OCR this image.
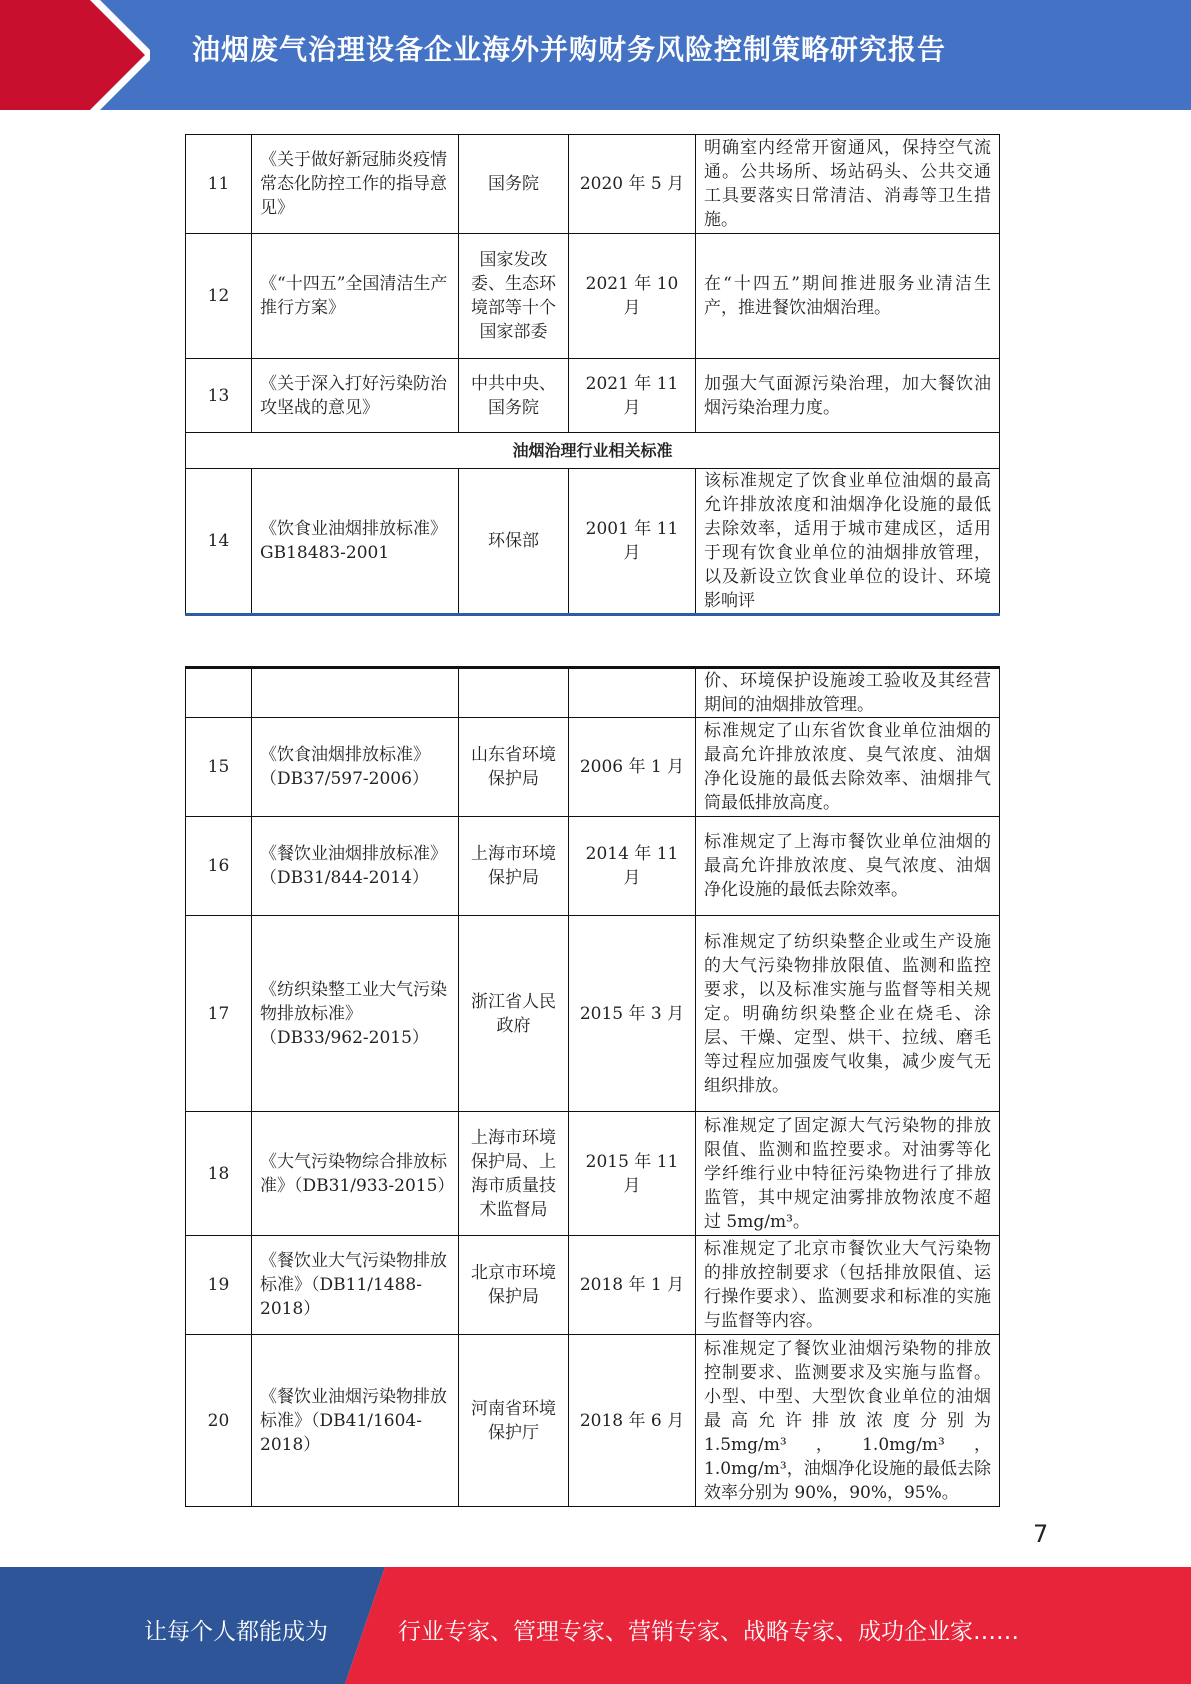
油烟废气治理设备企业海外并购财务风险控制策略研究报告
11	《关于做好新冠肺炎疫情常态化防控工作的指导意见》	国务院	2020 年 5 月	明确室内经常开窗通风，保持空气流通。公共场所、场站码头、公共交通工具要落实日常清洁、消毒等卫生措施。
12	《“十四五”全国清洁生产推行方案》	国家发改委、生态环境部等十个国家部委	2021 年 10 月	在“十四五”期间推进服务业清洁生产，推进餐饮油烟治理。
13	《关于深入打好污染防治攻坚战的意见》	中共中央、国务院	2021 年 11 月	加强大气面源污染治理，加大餐饮油烟污染治理力度。
油烟治理行业相关标准				
14	《饮食业油烟排放标准》GB18483-2001	环保部	2001 年 11 月	该标准规定了饮食业单位油烟的最高允许排放浓度和油烟净化设施的最低去除效率，适用于城市建成区，适用于现有饮食业单位的油烟排放管理，以及新设立饮食业单位的设计、环境影响评
				价、环境保护设施竣工验收及其经营期间的油烟排放管理。
15	《饮食油烟排放标准》（DB37/597-2006）	山东省环境保护局	2006 年 1 月	标准规定了山东省饮食业单位油烟的最高允许排放浓度、臭气浓度、油烟净化设施的最低去除效率、油烟排气筒最低排放高度。
16	《餐饮业油烟排放标准》（DB31/844-2014）	上海市环境保护局	2014 年 11 月	标准规定了上海市餐饮业单位油烟的最高允许排放浓度、臭气浓度、油烟净化设施的最低去除效率。
17	《纺织染整工业大气污染物排放标准》（DB33/962-2015）	浙江省人民政府	2015 年 3 月	标准规定了纺织染整企业或生产设施的大气污染物排放限值、监测和监控要求，以及标准实施与监督等相关规定。明确纺织染整企业在烧毛、涂层、干燥、定型、烘干、拉绒、磨毛等过程应加强废气收集，减少废气无组织排放。
18	《大气污染物综合排放标准》（DB31/933-2015）	上海市环境保护局、上海市质量技术监督局	2015 年 11 月	标准规定了固定源大气污染物的排放限值、监测和监控要求。对油雾等化学纤维行业中特征污染物进行了排放监管，其中规定油雾排放物浓度不超过 5mg/m³。
19	《餐饮业大气污染物排放标准》（DB11/1488-2018）	北京市环境保护局	2018 年 1 月	标准规定了北京市餐饮业大气污染物的排放控制要求（包括排放限值、运行操作要求）、监测要求和标准的实施与监督等内容。
20	《餐饮业油烟污染物排放标准》（DB41/1604-2018）	河南省环境保护厅	2018 年 6 月	标准规定了餐饮业油烟污染物的排放控制要求、监测要求及实施与监督。小型、中型、大型饮食业单位的油烟最高允许排放浓度分别为 1.5mg/m³，1.0mg/m³，1.0mg/m³，油烟净化设施的最低去除效率分别为 90%，90%，95%。
7
让每个人都能成为	行业专家、管理专家、营销专家、战略专家、成功企业家……
